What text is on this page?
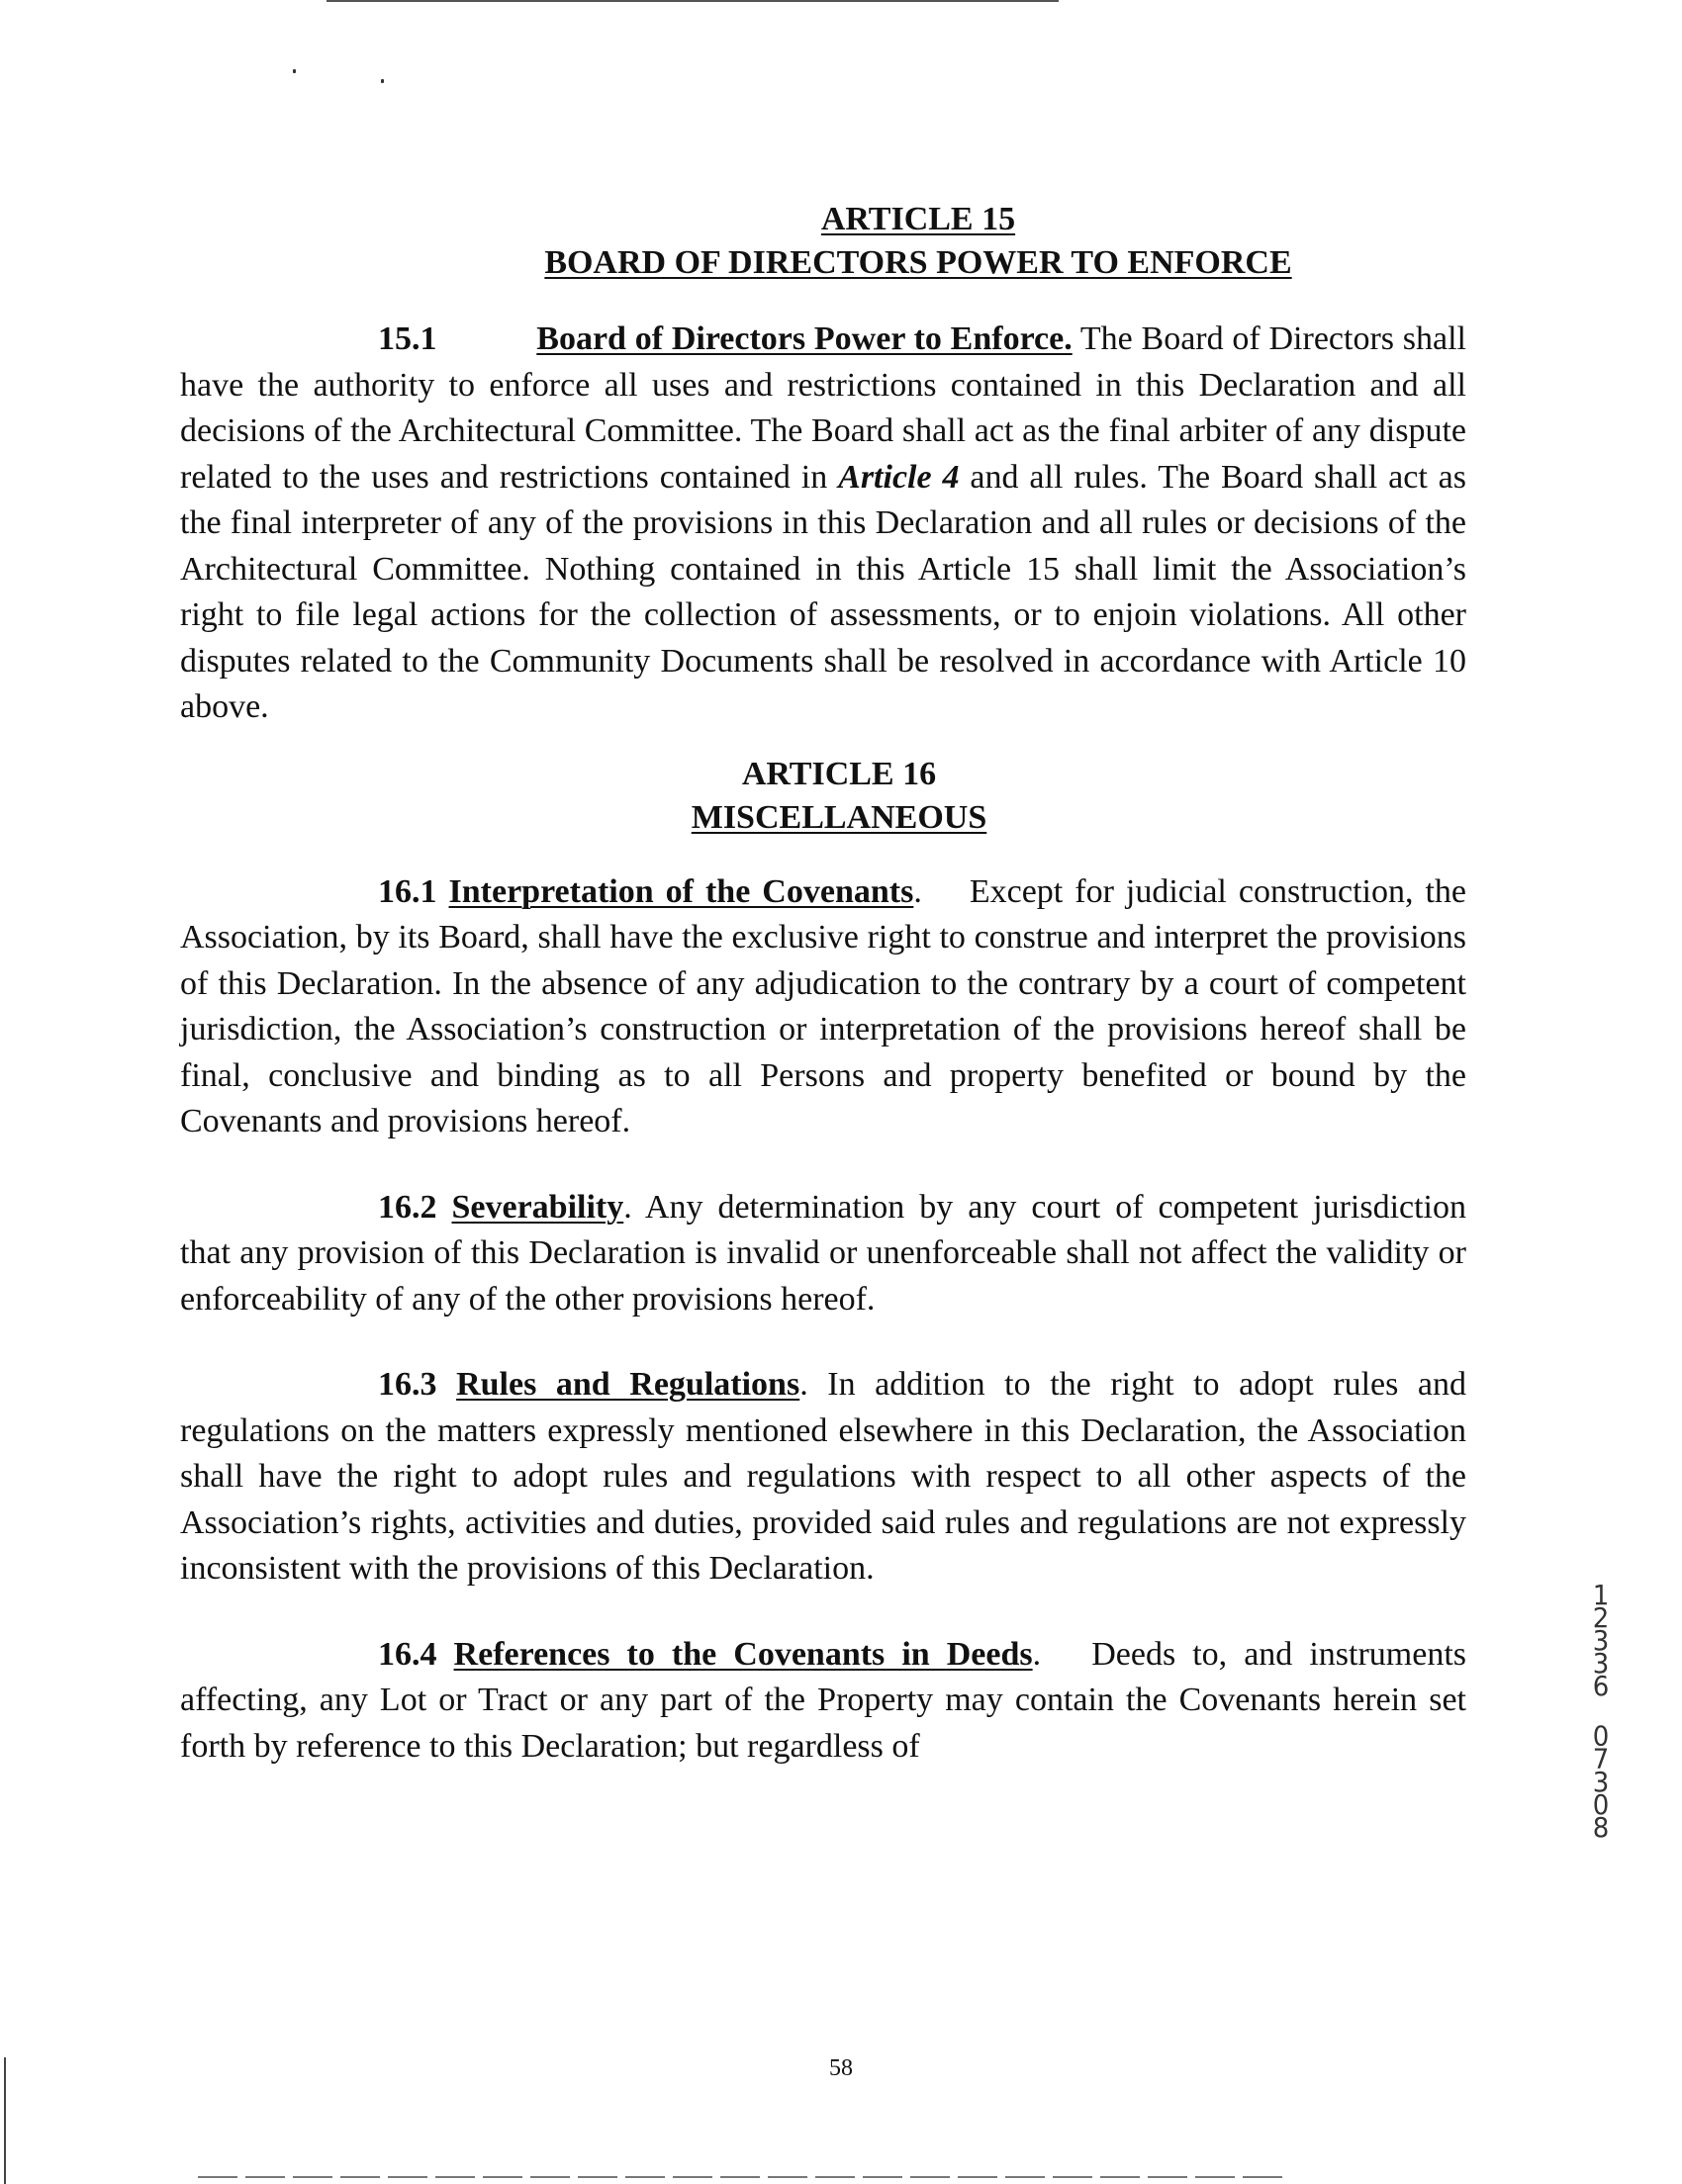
ARTICLE 15
BOARD OF DIRECTORS POWER TO ENFORCE

15.1	Board of Directors Power to Enforce. The Board of Directors shall have the authority to enforce all uses and restrictions contained in this Declaration and all decisions of the Architectural Committee. The Board shall act as the final arbiter of any dispute related to the uses and restrictions contained in Article 4 and all rules. The Board shall act as the final interpreter of any of the provisions in this Declaration and all rules or decisions of the Architectural Committee. Nothing contained in this Article 15 shall limit the Association’s right to file legal actions for the collection of assessments, or to enjoin violations. All other disputes related to the Community Documents shall be resolved in accordance with Article 10 above.

ARTICLE 16
MISCELLANEOUS

16.1 Interpretation of the Covenants.    Except for judicial construction, the Association, by its Board, shall have the exclusive right to construe and interpret the provisions of this Declaration. In the absence of any adjudication to the contrary by a court of competent jurisdiction, the Association’s construction or interpretation of the provisions hereof shall be final, conclusive and binding as to all Persons and property benefited or bound by the Covenants and provisions hereof.

16.2 Severability. Any determination by any court of competent jurisdiction that any provision of this Declaration is invalid or unenforceable shall not affect the validity or enforceability of any of the other provisions hereof.

16.3 Rules and Regulations. In addition to the right to adopt rules and regulations on the matters expressly mentioned elsewhere in this Declaration, the Association shall have the right to adopt rules and regulations with respect to all other aspects of the Association’s rights, activities and duties, provided said rules and regulations are not expressly inconsistent with the provisions of this Declaration.

16.4 References to the Covenants in Deeds.   Deeds to, and instruments affecting, any Lot or Tract or any part of the Property may contain the Covenants herein set forth by reference to this Declaration; but regardless of

58
1
2
3
3
6
0
7
3
0
8
